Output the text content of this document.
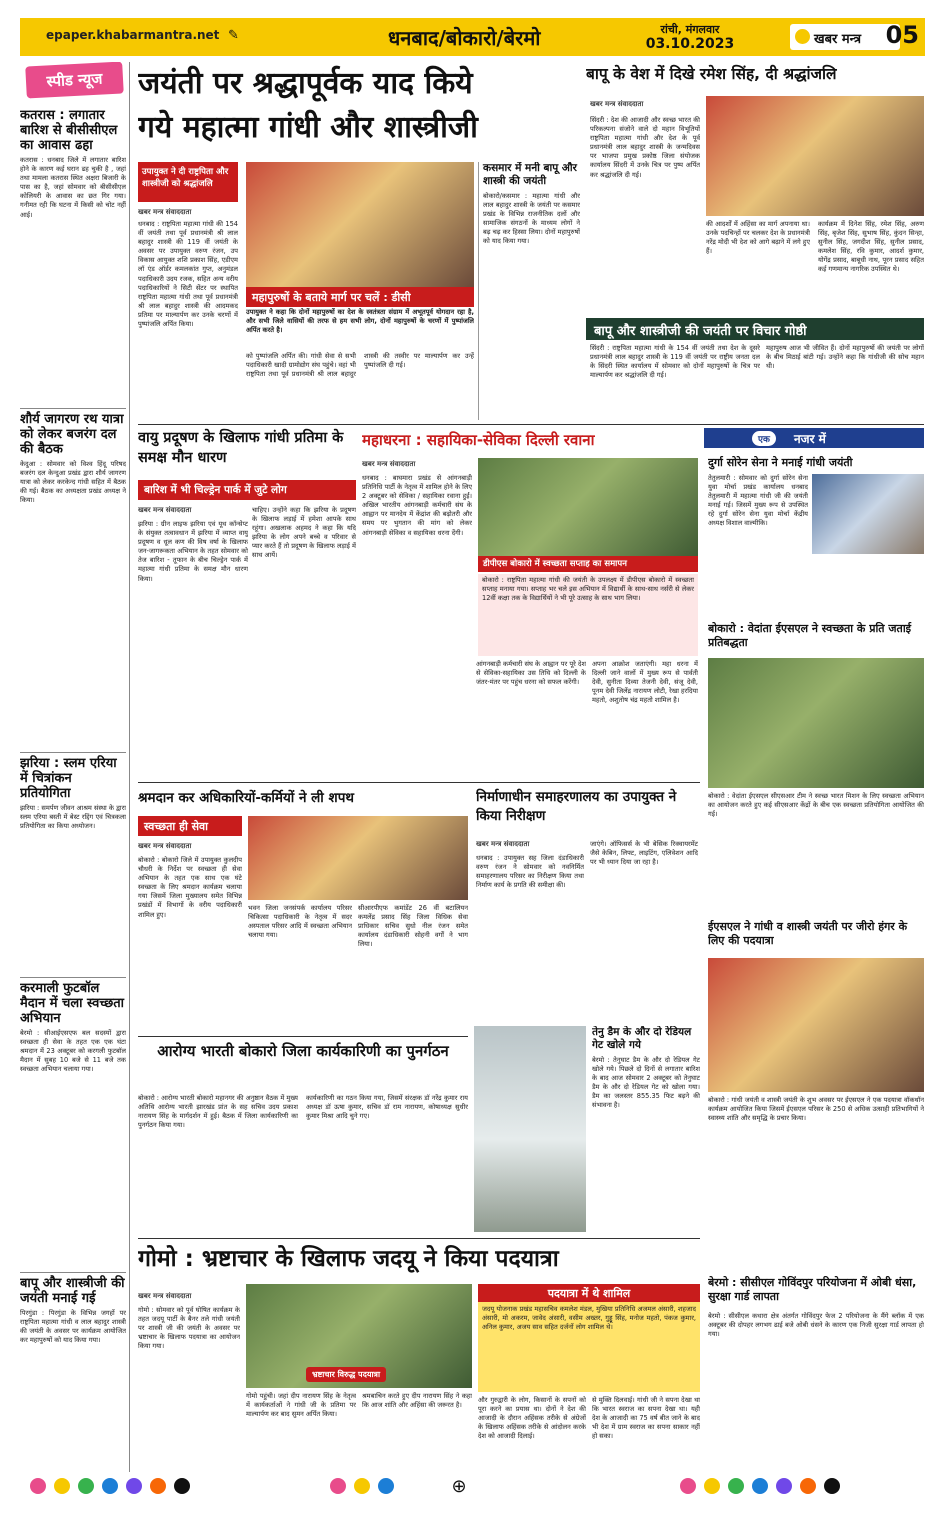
epaper.khabarmantra.net ✎	धनबाद/बोकारो/बेरमो	रांची, मंगलवार
03.10.2023	खबर मन्त्र	05
स्पीड न्यूज
कतरास : लगातार बारिश से बीसीसीएल का आवास ढहा
कतरास : धनबाद जिले में लगातार बारिश होने के कारण कई घरान ढह चुकी है , जहां तथा मामला कतरास स्थित अक्षरा बिजारी के पास का है, जहां सोमवार को बीसीसीएल कोलियरी के आवास का छत गिर गया। गनीमत रही कि घटना में किसी को चोट नहीं आई।
शौर्य जागरण रथ यात्रा को लेकर बजरंग दल की बैठक
केदुआ : सोमवार को विश्व हिंदू परिषद बजरंग दल केन्दुआ प्रखंड द्वारा शौर्य जागरण यात्रा को लेकर करकेन्द गांधी सहित में बैठक की गई। बैठक का अध्यक्षता प्रखंड अध्यक्ष ने किया।
झरिया : स्लम एरिया में चित्रांकन प्रतियोगिता
झरिया : समर्पण जीवन आश्रम संस्था के द्वारा स्लम एरिया बस्ती में बेस्ट रद्दिंग एवं चित्रकला प्रतियोगिता का किया अध्योजन।
करमाली फुटबॉल मैदान में चला स्वच्छता अभियान
बेरमो : सीआईएसएफ बल सदस्यों द्वारा स्वच्छता ही सेवा के तहत एक एक घंटा श्रमदान में 23 अक्टूबर को करगली फुटबॉल मैदान में सुबह 10 बजे से 11 बजे तक स्वच्छता अभियान चलाया गया।
बापू और शास्त्रीजी की जयंती मनाई गई
पिरगुंडा : पिरगुंडा के विभिन्न जगहों पर राष्ट्रपिता महात्मा गांधी व लाल बहादुर शास्त्री की जयंती के अवसर पर कार्यक्रम आयोजित कर महापुरुषों को याद किया गया।
जयंती पर श्रद्धापूर्वक याद किये
गये महात्मा गांधी और शास्त्रीजी
उपायुक्त ने दी राष्ट्रपिता और शास्त्रीजी को श्रद्धांजलि
खबर मन्त्र संवाददाता
धनबाद : राष्ट्रपिता महात्मा गांधी की 154 वीं जयंती तथा पूर्व प्रधानमंत्री श्री लाल बहादुर शास्त्री की 119 वीं जयंती के अवसर पर उपायुक्त वरुण रंजन, उप विकास आयुक्त शशि प्रकाश सिंह, एडीएम लॉ एंड ऑर्डर कमलकांत गुप्त, अनुमंडल पदाधिकारी उदय रजक, सहित अन्य वरीय पदाधिकारियों ने सिटी सेंटर पर स्थापित राष्ट्रपिता महात्मा गांधी तथा पूर्व प्रधानमंत्री श्री लाल बहादुर शास्त्री की आदमकद प्रतिमा पर माल्यार्पण कर उनके चरणों में पुष्पांजलि अर्पित किया।
महापुरुषों के बताये मार्ग पर चलें : डीसी
उपायुक्त ने कहा कि दोनों महापुरुषों का देश के स्वतंत्रता संग्राम में अभूतपूर्व योगदान रहा है, और सभी जिले वासियों की तरफ से हम सभी लोग, दोनों महापुरुषों के चरणों में पुष्पांजलि अर्पित करते है।
को पुष्पांजलि अर्पित की। गांधी सेवा से सभी पदाधिकारी खादी ग्रामोद्योग संघ पहुंचे। वहां भी राष्ट्रपिता तथा पूर्व प्रधानमंत्री श्री लाल बहादुर शास्त्री की तस्वीर पर माल्यार्पण कर उन्हें पुष्पांजलि दी गई।
कसमार में मनी बापू और शास्त्री की जयंती
बोकारो/कसमार : महात्मा गांधी और लाल बहादुर शास्त्री के जयंती पर कसमार प्रखंड के विभिन्न राजनीतिक दलों और सामाजिक संगठनों के माध्यम लोगों ने बढ़ चढ़ कर हिस्सा लिया। दोनों महापुरुषों को याद किया गया।
बापू के वेश में दिखे रमेश सिंह, दी श्रद्धांजलि
खबर मन्त्र संवाददाता
सिंदरी : देश की आजादी और स्वच्छ भारत की परिकल्पना संजोने वाले दो महान विभूतियों राष्ट्रपिता महात्मा गांधी और देश के पूर्व प्रधानमंत्री लाल बहादुर शास्त्री के जन्मदिवस पर भाजपा प्रमुख प्रकोष्ठ जिला संयोजक कार्यालय सिंदरी में उनके चित्र पर पुष्प अर्पित कर श्रद्धांजलि दी गई।
की आदर्शों में अहिंसा का मार्ग अपनाया था। उनके पदचिन्हों पर चलकर देश के प्रधानमंत्री नरेंद्र मोदी भी देश को आगे बढ़ाने में लगे हुए हैं।
कार्यक्रम में दिनेश सिंह, रमेश सिंह, अरुण सिंह, बृजेश सिंह, सुभाष सिंह, कुंदन सिन्हा, सुनील सिंह, जगदीश सिंह, सुनील प्रसाद, कमलेश सिंह, रवि कुमार, आदर्श कुमार, योगेंद्र प्रसाद, बाबूधी नाथ, पूरन प्रसाद सहित कई गणमान्य नागरिक उपस्थित थे।
बापू और शास्त्रीजी की जयंती पर विचार गोष्ठी
सिंदरी : राष्ट्रपिता महात्मा गांधी के 154 वीं जयंती तथा देश के दूसरे प्रधानमंत्री लाल बहादुर शास्त्री के 119 वीं जयंती पर राष्ट्रीय जनता दल के सिंदरी स्थित कार्यालय में सोमवार को दोनों महापुरुषों के चित्र पर माल्यार्पण कर श्रद्धांजलि दी गई।
महापुरुष आज भी जीवित हैं। दोनों महापुरुषों की जयंती पर लोगों के बीच मिठाई बांटी गई। उन्होंने कहा कि गांधीजी की सोच महान थी।
वायु प्रदूषण के खिलाफ गांधी प्रतिमा के समक्ष मौन धारण
बारिश में भी चिल्ड्रेन पार्क में जुटे लोग
खबर मन्त्र संवाददाता
झरिया : ग्रीन लाइफ झरिया एवं यूथ कॉन्सेप्ट के संयुक्त तत्वावधान में झरिया में व्याप्त वायु प्रदूषण व धूल कण की विष वर्षा के खिलाफ जन-जागरूकता अभियान के तहत सोमवार को तेज बारिश - तूफान के बीच चिल्ड्रेन पार्क में महात्मा गांधी प्रतिमा के समक्ष मौन धारण किया।
चाहिए। उन्होंने कहा कि झरिया के प्रदूषण के खिलाफ लड़ाई में हमेशा आपके साथ रहूंगा। अखलाक अहमद ने कहा कि यदि झरिया के लोग अपने बच्चे व परिवार से प्यार करते हैं तो प्रदूषण के खिलाफ लड़ाई में साथ आयें।
महाधरना : सहायिका-सेविका दिल्ली रवाना
खबर मन्त्र संवाददाता
धनबाद : बाघमारा प्रखंड से आंगनबाड़ी प्रतिनिधि पार्टी के नेतृत्व में शामिल होने के लिए 2 अक्टूबर को सेविका / सहायिका रवाना हुईं। अखिल भारतीय आंगनबाड़ी कर्मचारी संघ के आह्वान पर मानदेय में केंद्रांश की बढ़ोतरी और समय पर भुगतान की मांग को लेकर आंगनबाड़ी सेविका व सहायिका धरना देंगी।
डीपीएस बोकारो में स्वच्छता सप्ताह का समापन
बोकारो : राष्ट्रपिता महात्मा गांधी की जयंती के उपलक्ष्य में डीपीएस बोकारो में स्वच्छता सप्ताह मनाया गया। सप्ताह भर चले इस अभियान में विद्यार्थी के साथ-साथ नर्सरी से लेकर 12वीं कक्षा तक के विद्यार्थियों ने भी पूरे उत्साह के साथ भाग लिया।
आंगनबाड़ी कर्मचारी संघ के आह्वान पर पूरे देश से सेविका-सहायिका उस तिथि को दिल्ली के जंतर-मंतर पर पहुंच धरना को सफल करेंगी।
अपना आक्रोश जताएंगी। महा धरना में दिल्ली जाने वालों में मुख्य रूप से पार्वती देवी, सुनीता दिव्या तेजनी देवी, संजू देवी, पूनम देवी जिलेंद्र नारायण लोटी, रेखा हरदिया महतो, अशुतोष चंद्र महतो शामिल है।
एक	नजर में
दुर्गा सोरेन सेना ने मनाई गांधी जयंती
तेतुलमारी : सोमवार को दुर्गा सोरेन सेना युवा मोर्चा प्रखंड कार्यालय धनबाद तेतुलमारी में महात्मा गांधी जी की जयंती मनाई गई। जिसमें मुख्य रूप से उपस्थित रहे दुर्गा सोरेन सेना युवा मोर्चा केंद्रीय अध्यक्ष विशाल वाल्मीकि।
बोकारो : वेदांता ईएसएल ने स्वच्छता के प्रति जताई प्रतिबद्धता
बोकारो : वेदांता ईएसएल सीएसआर टीम ने स्वच्छ भारत मिशन के लिए स्वच्छता अभियान का आयोजन करते हुए कई सीएसआर केंद्रों के बीच एक स्वच्छता प्रतियोगिता आयोजित की गई।
ईएसएल ने गांधी व शास्त्री जयंती पर जीरो हंगर के लिए की पदयात्रा
बोकारो : गांधी जयंती व शास्त्री जयंती के शुभ अवसर पर ईएसएल ने एक पदयात्रा वॉकथॉन कार्यक्रम आयोजित किया जिसमें ईएसएल परिसर के 250 से अधिक उत्साही प्रतिभागियों ने स्वास्थ्य शांति और समृद्धि के प्रचार किया।
बेरमो : सीसीएल गोविंदपुर परियोजना में ओबी धंसा, सुरक्षा गार्ड लापता
बेरमो : सीसीएल कथारा क्षेत्र अंतर्गत गोविंदपुर फेज 2 परियोजना के मैंगे ब्लॉक में एक अक्टूबर की दोपहर लगभग ढाई बजे ओबी धंसने के कारण एक निजी सुरक्षा गार्ड लापता हो गया।
श्रमदान कर अधिकारियों-कर्मियों ने ली शपथ
स्वच्छता ही सेवा
खबर मन्त्र संवाददाता
बोकारो : बोकारो जिले में उपायुक्त कुलदीप चौधरी के निर्देश पर स्वच्छता ही सेवा अभियान के तहत एक साथ एक घंटे स्वच्छता के लिए श्रमदान कार्यक्रम चलाया गया जिसमें जिला मुख्यालय समेत विभिन्न प्रखंडों में विभागों के वरीय पदाधिकारी शामिल हुए।
भवन जिला जनसंपर्क कार्यालय परिसर चिकित्सा पदाधिकारी के नेतृत्व में सदर अस्पताल परिसर आदि में स्वच्छता अभियान चलाया गया।
सीआरपीएफ कमांडेंट 26 वीं बटालियन कमलेंद्र प्रसाद सिंह जिला विधिक सेवा प्राधिकार सचिव सुधो नील रंजन समेत कार्यालय दंडाधिकारी सोहनी वर्गों ने भाग लिया।
निर्माणाधीन समाहरणालय का उपायुक्त ने किया निरीक्षण
खबर मन्त्र संवाददाता
धनबाद : उपायुक्त सह जिला दंडाधिकारी वरुण रंजन ने सोमवार को नवनिर्मित समाहरणालय परिसर का निरीक्षण किया तथा निर्माण कार्य के प्रगति की समीक्षा की।
जाएंगे। ऑफिसर्स के भी बेसिक रिक्वायरमेंट जैसे केबिन, लिफ्ट, लाइटिंग, एलिवेशन आदि पर भी ध्यान दिया जा रहा है।
आरोग्य भारती बोकारो जिला कार्यकारिणी का पुनर्गठन
बोकारो : आरोग्य भारती बोकारो महानगर की अनुष्ठान वैठक में मुख्य अतिथि आरोग्य भारती झारखंड प्रांत के सह सचिव उदय प्रकाश नारायण सिंह के मार्गदर्शन में हुई। बैठक में जिला कार्यकारिणी का पुनर्गठन किया गया।
कार्यकारिणी का गठन किया गया, जिसमें संरक्षक डॉ नरेंद्र कुमार राय अध्यक्ष डॉ ऊषा कुमार, सचिव डॉ राम नारायण, कोषाध्यक्ष सुधीर कुमार मिश्रा आदि चुने गए।
तेनु डैम के और दो रेडियल गेट खोले गये
बेरमो : तेनुघाट डैम के और दो रेडियल गेट खोले गये। पिछले दो दिनों से लगातार बारिश के बाद आज सोमवार 2 अक्टूबर को तेनुघाट डैम के और दो रेडियल गेट को खोला गया। डैम का जलस्तर 855.35 फिट बढ़ने की संभावना है।
गोमो : भ्रष्टाचार के खिलाफ जदयू ने किया पदयात्रा
खबर मन्त्र संवाददाता
गोमो : सोमवार को पूर्व घोषित कार्यक्रम के तहत जदयू पार्टी के बैनर तले गांधी जयंती पर शास्त्री जी की जयंती के अवसर पर भ्रष्टाचार के खिलाफ पदयात्रा का आयोजन किया गया।
भ्रष्टाचार विरुद्ध पदयात्रा
गोमो पहुंची। जहां दीप नारायण सिंह के नेतृत्व में कार्यकर्ताओं ने गांधी जी के प्रतिमा पर माल्यार्पण कर बाद सुमन अर्पित किया।
श्रमबाचिन करते हुए दीप नारायण सिंह ने कहा कि आज शांति और अहिंसा की जरूरत है।
पदयात्रा में थे शामिल
जदयू योजनाक प्रखंड महासचिव कमलेश मंडल, मुखिया प्रतिनिधि अजमल अंसारी, शहजाद अंसारी, मो अकरम, जावेद अंसारी, वसीम अख्तर, गुड्डू सिंह, मनोज महतो, पंकज कुमार, अनिल कुमार, अजय साव सहित दर्जनों लोग शामिल थे।
और गुरुद्वारी के लोग, किसानों के सपनों को पूरा करने का प्रयास था। दोनों ने देश की आजादी के दौरान अहिंसक तरीके से अंग्रेजों के खिलाफ अहिंसक तरीके से आंदोलन करके देश को आजादी दिलाई।
से मुक्ति दिलवाई। गांधी जी ने सपना देखा था कि भारत स्वराज का सपना देखा था। यही देश के आजादी का 75 वर्ष बीत जाने के बाद भी देश में ग्राम स्वराज का सपना साकार नहीं हो सका।
⊕
